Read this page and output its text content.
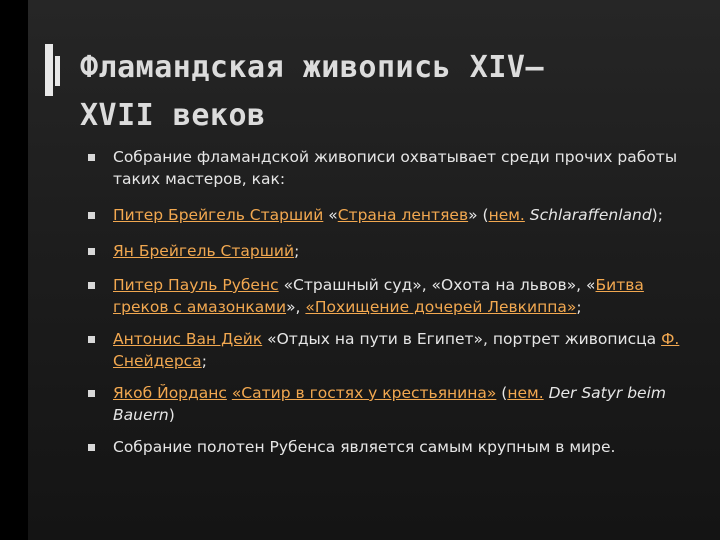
Фламандская живопись XIV—
XVII веков
Собрание фламандской живописи охватывает среди прочих работы таких мастеров, как:
Питер Брейгель Старший «Страна лентяев» (нем. Schlaraffenland);
Ян Брейгель Старший;
Питер Пауль Рубенс «Страшный суд», «Охота на львов», «Битва греков с амазонками», «Похищение дочерей Левкиппа»;
Антонис Ван Дейк «Отдых на пути в Египет», портрет живописца Ф. Снейдерса;
Якоб Йорданс «Сатир в гостях у крестьянина» (нем. Der Satyr beim Bauern)
Собрание полотен Рубенса является самым крупным в мире.
